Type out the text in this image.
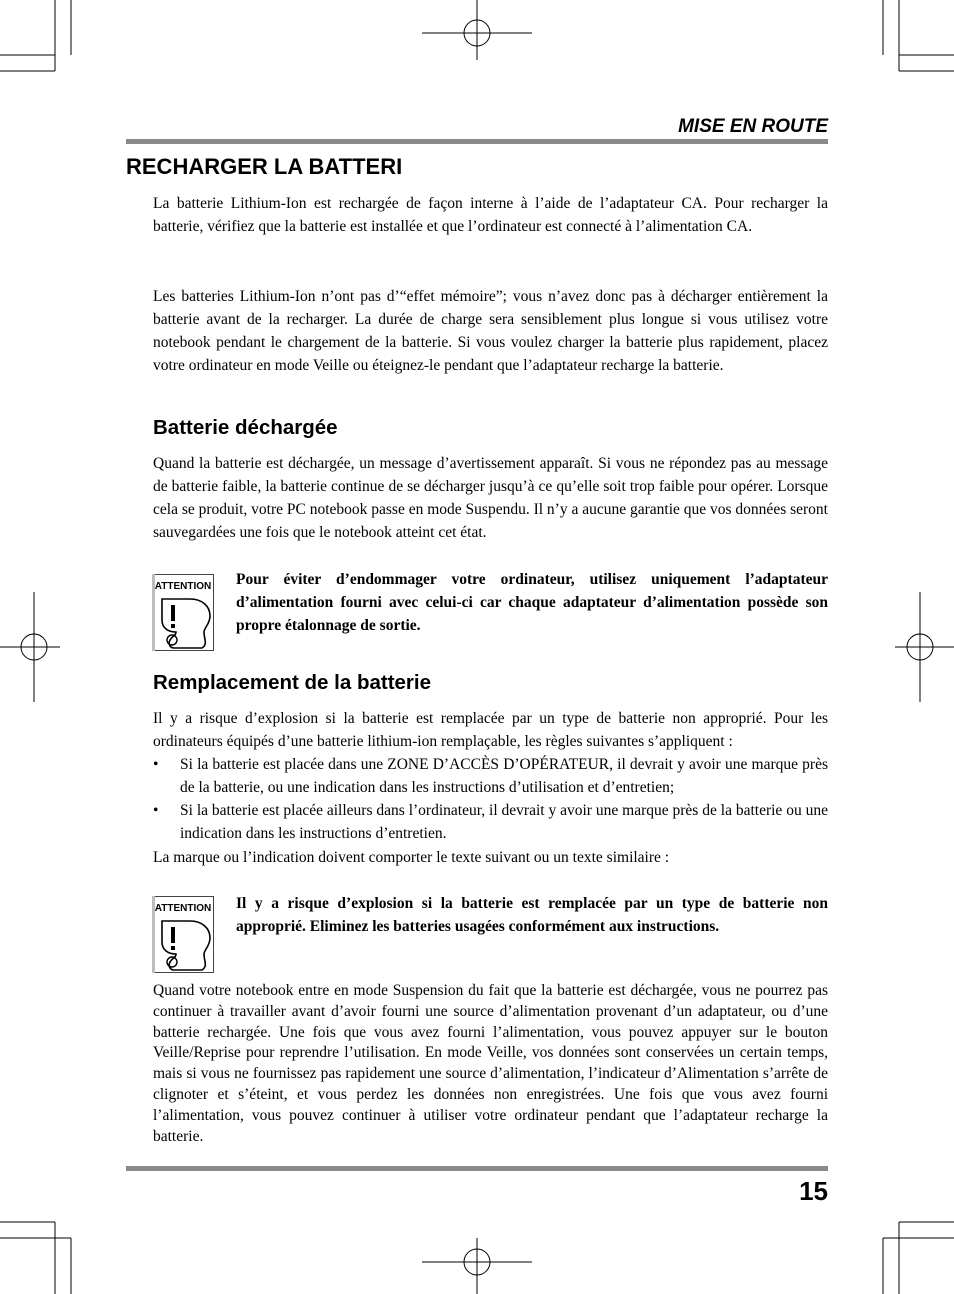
MISE EN ROUTE
RECHARGER LA BATTERI

La batterie Lithium-Ion est rechargée de façon interne à l’aide de l’adaptateur CA. Pour recharger la batterie, vérifiez que la batterie est installée et que l’ordinateur est connecté à l’alimentation CA.

Les batteries Lithium-Ion n’ont pas d’“effet mémoire”; vous n’avez donc pas à décharger entièrement la batterie avant de la recharger. La durée de charge sera sensiblement plus longue si vous utilisez votre notebook pendant le chargement de la batterie. Si vous voulez charger la batterie plus rapidement, placez votre ordinateur en mode Veille ou éteignez-le pendant que l’adaptateur recharge la batterie.

Batterie déchargée

Quand la batterie est déchargée, un message d’avertissement apparaît. Si vous ne répondez pas au message de batterie faible, la batterie continue de se décharger jusqu’à ce qu’elle soit trop faible pour opérer. Lorsque cela se produit, votre PC notebook passe en mode Suspendu. Il n’y a aucune garantie que vos données seront sauvegardées une fois que le notebook atteint cet état.

ATTENTION Pour éviter d’endommager votre ordinateur, utilisez uniquement l’adaptateur d’alimentation fourni avec celui-ci car chaque adaptateur d’alimentation possède son propre étalonnage de sortie.

Remplacement de la batterie

Il y a risque d’explosion si la batterie est remplacée par un type de batterie non approprié. Pour les ordinateurs équipés d’une batterie lithium-ion remplaçable, les règles suivantes s’appliquent :

• Si la batterie est placée dans une ZONE D’ACCÈS D’OPÉRATEUR, il devrait y avoir une marque près de la batterie, ou une indication dans les instructions d’utilisation et d’entretien;
• Si la batterie est placée ailleurs dans l’ordinateur, il devrait y avoir une marque près de la batterie ou une indication dans les instructions d’entretien.

La marque ou l’indication doivent comporter le texte suivant ou un texte similaire :

ATTENTION Il y a risque d’explosion si la batterie est remplacée par un type de batterie non approprié. Eliminez les batteries usagées conformément aux instructions.

Quand votre notebook entre en mode Suspension du fait que la batterie est déchargée, vous ne pourrez pas continuer à travailler avant d’avoir fourni une source d’alimentation provenant d’un adaptateur, ou d’une batterie rechargée. Une fois que vous avez fourni l’alimentation, vous pouvez appuyer sur le bouton Veille/Reprise pour reprendre l’utilisation. En mode Veille, vos données sont conservées un certain temps, mais si vous ne fournissez pas rapidement une source d’alimentation, l’indicateur d’Alimentation s’arrête de clignoter et s’éteint, et vous perdez les données non enregistrées. Une fois que vous avez fourni l’alimentation, vous pouvez continuer à utiliser votre ordinateur pendant que l’adaptateur recharge la batterie.

15
